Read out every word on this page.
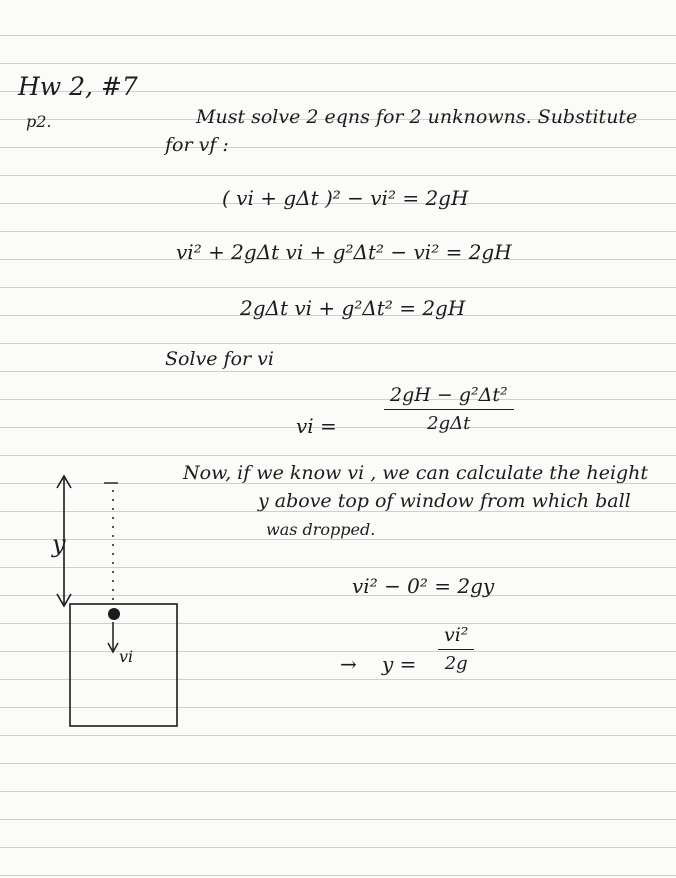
Hw 2, #7
p2.	Must solve 2 eqns for 2 unknowns. Substitute
for vf :
( vi + gΔt )² − vi² = 2gH
vi² + 2gΔt vi + g²Δt² − vi² = 2gH
2gΔt vi + g²Δt² = 2gH
Solve for vi
vi =
2gH − g²Δt²
2gΔt
Now, if we know vi , we can calculate the height
y above top of window from which ball
was dropped.
vi² − 0² = 2gy
→ $y = \frac{\text{vi²}}{2g}$
y
vi
